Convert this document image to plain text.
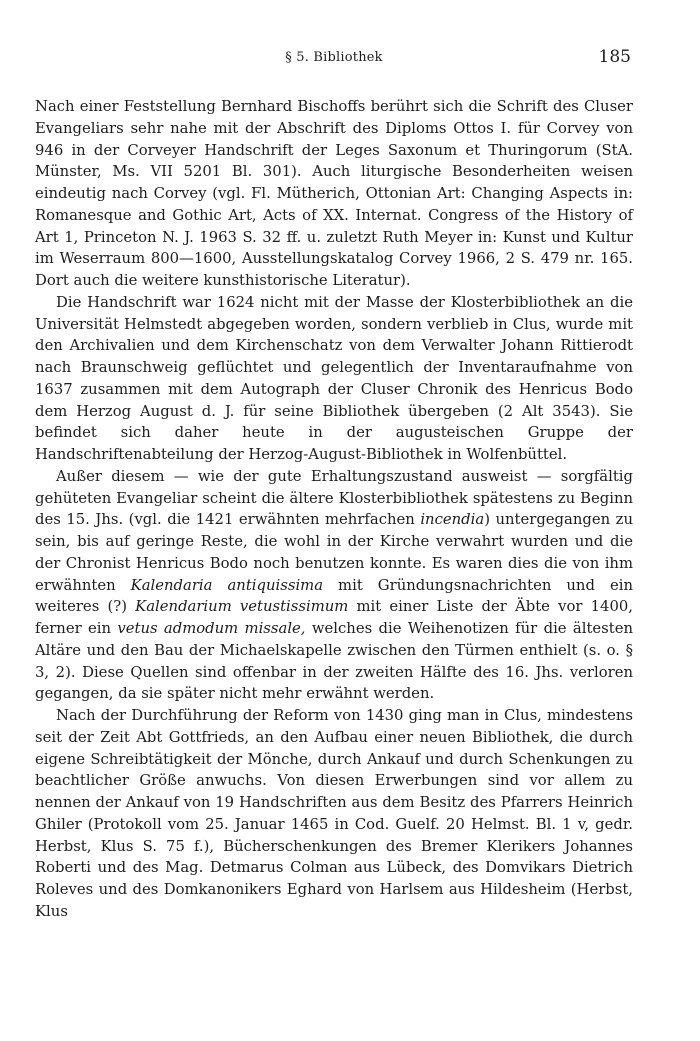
§ 5. Bibliothek	185

Nach einer Feststellung Bernhard Bischoffs berührt sich die Schrift des Cluser Evangeliars sehr nahe mit der Abschrift des Diploms Ottos I. für Corvey von 946 in der Corveyer Handschrift der Leges Saxonum et Thuringorum (StA. Münster, Ms. VII 5201 Bl. 301). Auch liturgische Besonderheiten weisen eindeutig nach Corvey (vgl. Fl. Mütherich, Ottonian Art: Changing Aspects in: Romanesque and Gothic Art, Acts of XX. Internat. Congress of the History of Art 1, Princeton N. J. 1963 S. 32 ff. u. zuletzt Ruth Meyer in: Kunst und Kultur im Weserraum 800—1600, Ausstellungskatalog Corvey 1966, 2 S. 479 nr. 165. Dort auch die weitere kunsthistorische Literatur).

Die Handschrift war 1624 nicht mit der Masse der Klosterbibliothek an die Universität Helmstedt abgegeben worden, sondern verblieb in Clus, wurde mit den Archivalien und dem Kirchenschatz von dem Verwalter Johann Rittierodt nach Braunschweig geflüchtet und gelegentlich der Inventaraufnahme von 1637 zusammen mit dem Autograph der Cluser Chronik des Henricus Bodo dem Herzog August d. J. für seine Bibliothek übergeben (2 Alt 3543). Sie befindet sich daher heute in der augusteischen Gruppe der Handschriftenabteilung der Herzog-August-Bibliothek in Wolfenbüttel.

Außer diesem — wie der gute Erhaltungszustand ausweist — sorgfältig gehüteten Evangeliar scheint die ältere Klosterbibliothek spätestens zu Beginn des 15. Jhs. (vgl. die 1421 erwähnten mehrfachen incendia) untergegangen zu sein, bis auf geringe Reste, die wohl in der Kirche verwahrt wurden und die der Chronist Henricus Bodo noch benutzen konnte. Es waren dies die von ihm erwähnten Kalendaria antiquissima mit Gründungsnachrichten und ein weiteres (?) Kalendarium vetustissimum mit einer Liste der Äbte vor 1400, ferner ein vetus admodum missale, welches die Weihenotizen für die ältesten Altäre und den Bau der Michaelskapelle zwischen den Türmen enthielt (s. o. § 3, 2). Diese Quellen sind offenbar in der zweiten Hälfte des 16. Jhs. verloren gegangen, da sie später nicht mehr erwähnt werden.

Nach der Durchführung der Reform von 1430 ging man in Clus, mindestens seit der Zeit Abt Gottfrieds, an den Aufbau einer neuen Bibliothek, die durch eigene Schreibtätigkeit der Mönche, durch Ankauf und durch Schenkungen zu beachtlicher Größe anwuchs. Von diesen Erwerbungen sind vor allem zu nennen der Ankauf von 19 Handschriften aus dem Besitz des Pfarrers Heinrich Ghiler (Protokoll vom 25. Januar 1465 in Cod. Guelf. 20 Helmst. Bl. 1 v, gedr. Herbst, Klus S. 75 f.), Bücherschenkungen des Bremer Klerikers Johannes Roberti und des Mag. Detmarus Colman aus Lübeck, des Domvikars Dietrich Roleves und des Domkanonikers Eghard von Harlsem aus Hildesheim (Herbst, Klus
